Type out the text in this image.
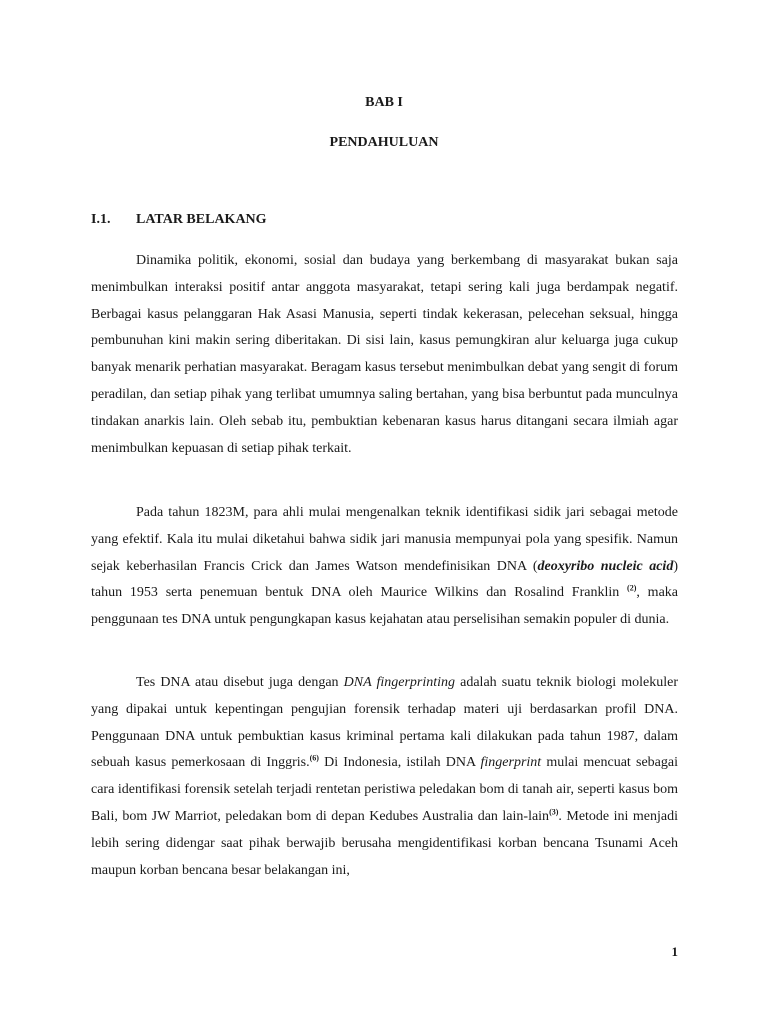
BAB I
PENDAHULUAN
I.1. LATAR BELAKANG

Dinamika politik, ekonomi, sosial dan budaya yang berkembang di masyarakat bukan saja menimbulkan interaksi positif antar anggota masyarakat, tetapi sering kali juga berdampak negatif. Berbagai kasus pelanggaran Hak Asasi Manusia, seperti tindak kekerasan, pelecehan seksual, hingga pembunuhan kini makin sering diberitakan. Di sisi lain, kasus pemungkiran alur keluarga juga cukup banyak menarik perhatian masyarakat. Beragam kasus tersebut menimbulkan debat yang sengit di forum peradilan, dan setiap pihak yang terlibat umumnya saling bertahan, yang bisa berbuntut pada munculnya tindakan anarkis lain. Oleh sebab itu, pembuktian kebenaran kasus harus ditangani secara ilmiah agar menimbulkan kepuasan di setiap pihak terkait.

Pada tahun 1823M, para ahli mulai mengenalkan teknik identifikasi sidik jari sebagai metode yang efektif. Kala itu mulai diketahui bahwa sidik jari manusia mempunyai pola yang spesifik. Namun sejak keberhasilan Francis Crick dan James Watson mendefinisikan DNA (deoxyribo nucleic acid) tahun 1953 serta penemuan bentuk DNA oleh Maurice Wilkins dan Rosalind Franklin $^{(2)}$, maka penggunaan tes DNA untuk pengungkapan kasus kejahatan atau perselisihan semakin populer di dunia.

Tes DNA atau disebut juga dengan DNA fingerprinting adalah suatu teknik biologi molekuler yang dipakai untuk kepentingan pengujian forensik terhadap materi uji berdasarkan profil DNA. Penggunaan DNA untuk pembuktian kasus kriminal pertama kali dilakukan pada tahun 1987, dalam sebuah kasus pemerkosaan di Inggris.$^{(6)}$ Di Indonesia, istilah DNA fingerprint mulai mencuat sebagai cara identifikasi forensik setelah terjadi rentetan peristiwa peledakan bom di tanah air, seperti kasus bom Bali, bom JW Marriot, peledakan bom di depan Kedubes Australia dan lain-lain$^{(3)}$. Metode ini menjadi lebih sering didengar saat pihak berwajib berusaha mengidentifikasi korban bencana Tsunami Aceh maupun korban bencana besar belakangan ini,

1
